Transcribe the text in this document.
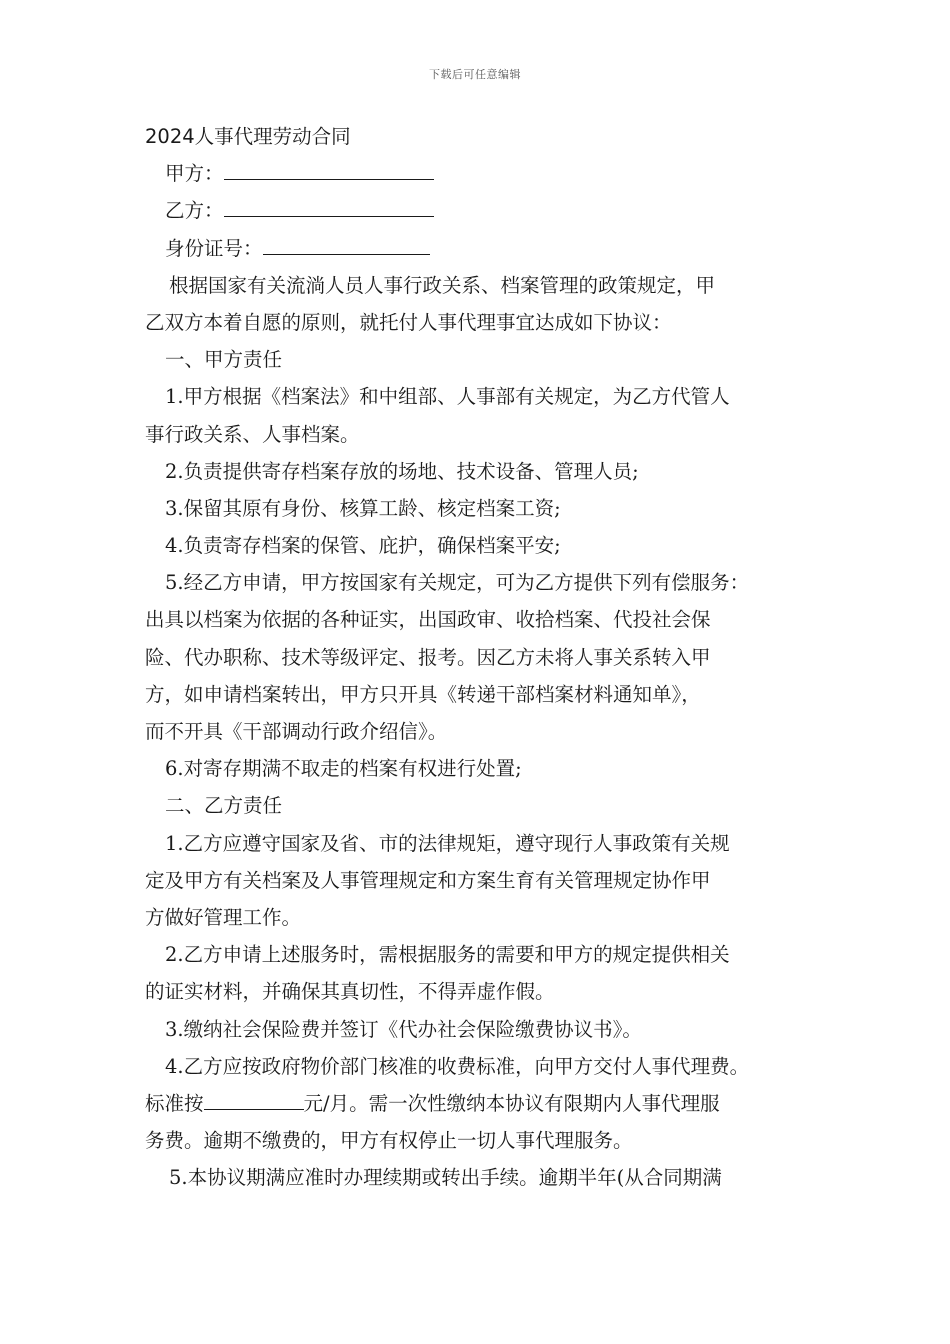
下载后可任意编辑
2024人事代理劳动合同
甲方：
乙方：
身份证号：
根据国家有关流淌人员人事行政关系、档案管理的政策规定，甲
乙双方本着自愿的原则，就托付人事代理事宜达成如下协议：
一、甲方责任
1.甲方根据《档案法》和中组部、人事部有关规定，为乙方代管人
事行政关系、人事档案。
2.负责提供寄存档案存放的场地、技术设备、管理人员;
3.保留其原有身份、核算工龄、核定档案工资;
4.负责寄存档案的保管、庇护，确保档案平安;
5.经乙方申请，甲方按国家有关规定，可为乙方提供下列有偿服务：
出具以档案为依据的各种证实，出国政审、收拾档案、代投社会保
险、代办职称、技术等级评定、报考。因乙方未将人事关系转入甲
方，如申请档案转出，甲方只开具《转递干部档案材料通知单》，
而不开具《干部调动行政介绍信》。
6.对寄存期满不取走的档案有权进行处置;
二、乙方责任
1.乙方应遵守国家及省、市的法律规矩，遵守现行人事政策有关规
定及甲方有关档案及人事管理规定和方案生育有关管理规定协作甲
方做好管理工作。
2.乙方申请上述服务时，需根据服务的需要和甲方的规定提供相关
的证实材料，并确保其真切性，不得弄虚作假。
3.缴纳社会保险费并签订《代办社会保险缴费协议书》。
4.乙方应按政府物价部门核准的收费标准，向甲方交付人事代理费。
标准按	元/月。需一次性缴纳本协议有限期内人事代理服
务费。逾期不缴费的，甲方有权停止一切人事代理服务。
5.本协议期满应准时办理续期或转出手续。逾期半年(从合同期满
